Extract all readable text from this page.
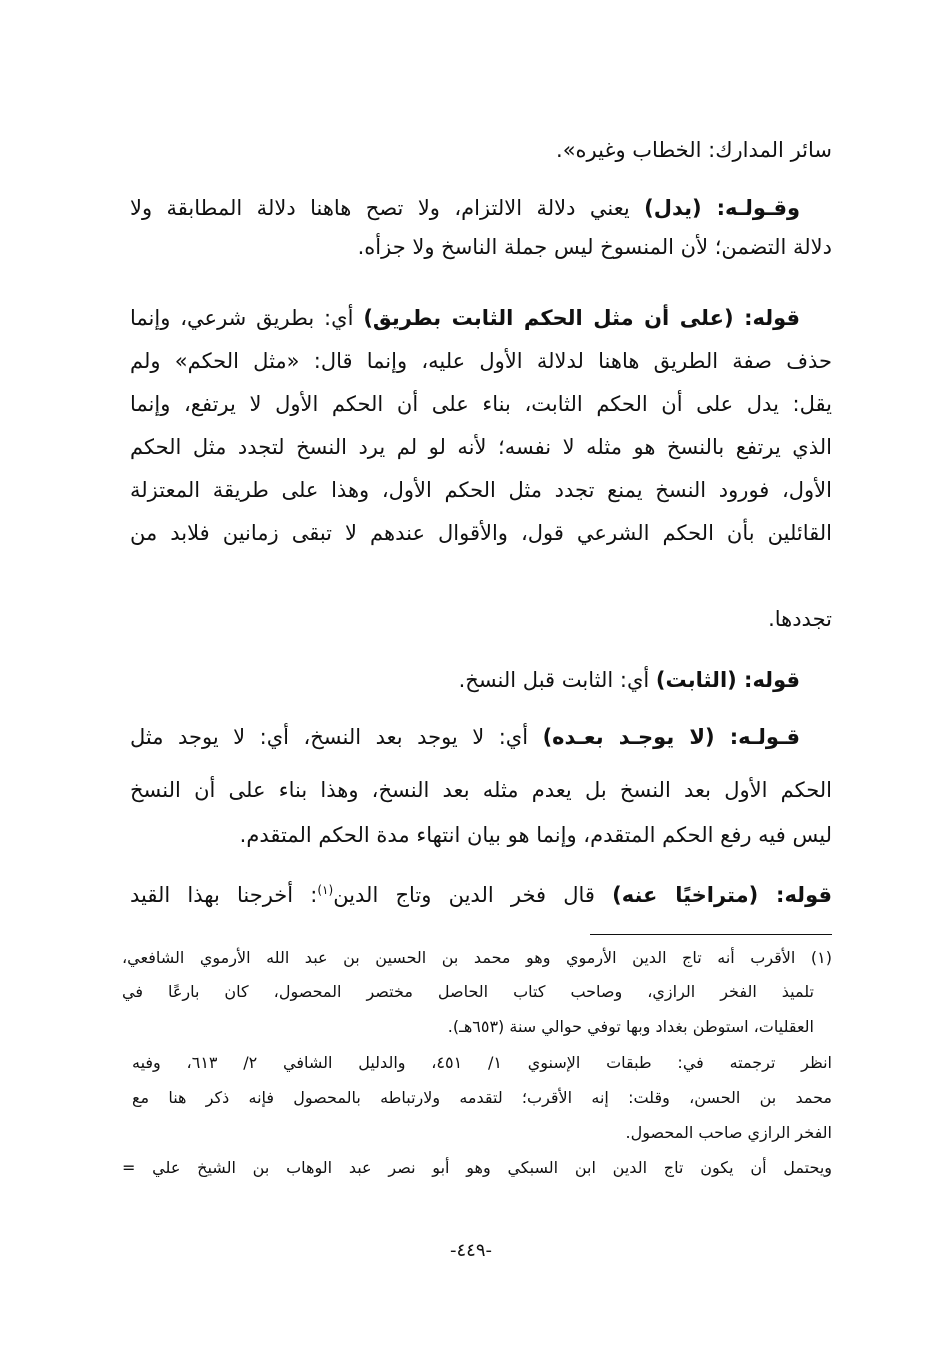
سائر المدارك: الخطاب وغيره».
وقـولـه: (يدل) يعني دلالة الالتزام، ولا تصح هاهنا دلالة المطابقة ولا
دلالة التضمن؛ لأن المنسوخ ليس جملة الناسخ ولا جزأه.
قوله: (على أن مثل الحكم الثابت بطريق) أي: بطريق شرعي، وإنما
حذف صفة الطريق هاهنا لدلالة الأول عليه، وإنما قال: «مثل الحكم» ولم
يقل: يدل على أن الحكم الثابت، بناء على أن الحكم الأول لا يرتفع، وإنما
الذي يرتفع بالنسخ هو مثله لا نفسه؛ لأنه لو لم يرد النسخ لتجدد مثل الحكم
الأول، فورود النسخ يمنع تجدد مثل الحكم الأول، وهذا على طريقة المعتزلة
القائلين بأن الحكم الشرعي قول، والأقوال عندهم لا تبقى زمانين فلابد من
تجددها.
قوله: (الثابت) أي: الثابت قبل النسخ.
قـولـه: (لا يوجـد بعـده) أي: لا يوجد بعد النسخ، أي: لا يوجد مثل
الحكم الأول بعد النسخ بل يعدم مثله بعد النسخ، وهذا بناء على أن النسخ
ليس فيه رفع الحكم المتقدم، وإنما هو بيان انتهاء مدة الحكم المتقدم.
قوله: (متراخيًا عنه) قال فخر الدين وتاج الدين$^{(١)}$: أخرجنا بهذا القيد
(١) الأقرب أنه تاج الدين الأرموي وهو محمد بن الحسين بن عبد الله الأرموي الشافعي،
تلميذ الفخر الرازي، وصاحب كتاب الحاصل مختصر المحصول، كان بارعًا في
العقليات، استوطن بغداد وبها توفي حوالي سنة (٦٥٣هـ).
انظر ترجمته في: طبقات الإسنوي ١/ ٤٥١، والدليل الشافي ٢/ ٦١٣، وفيه
محمد بن الحسن، وقلت: إنه الأقرب؛ لتقدمه ولارتباطه بالمحصول فإنه ذكر هنا مع
الفخر الرازي صاحب المحصول.
ويحتمل أن يكون تاج الدين ابن السبكي وهو أبو نصر عبد الوهاب بن الشيخ علي =
-٤٤٩-
